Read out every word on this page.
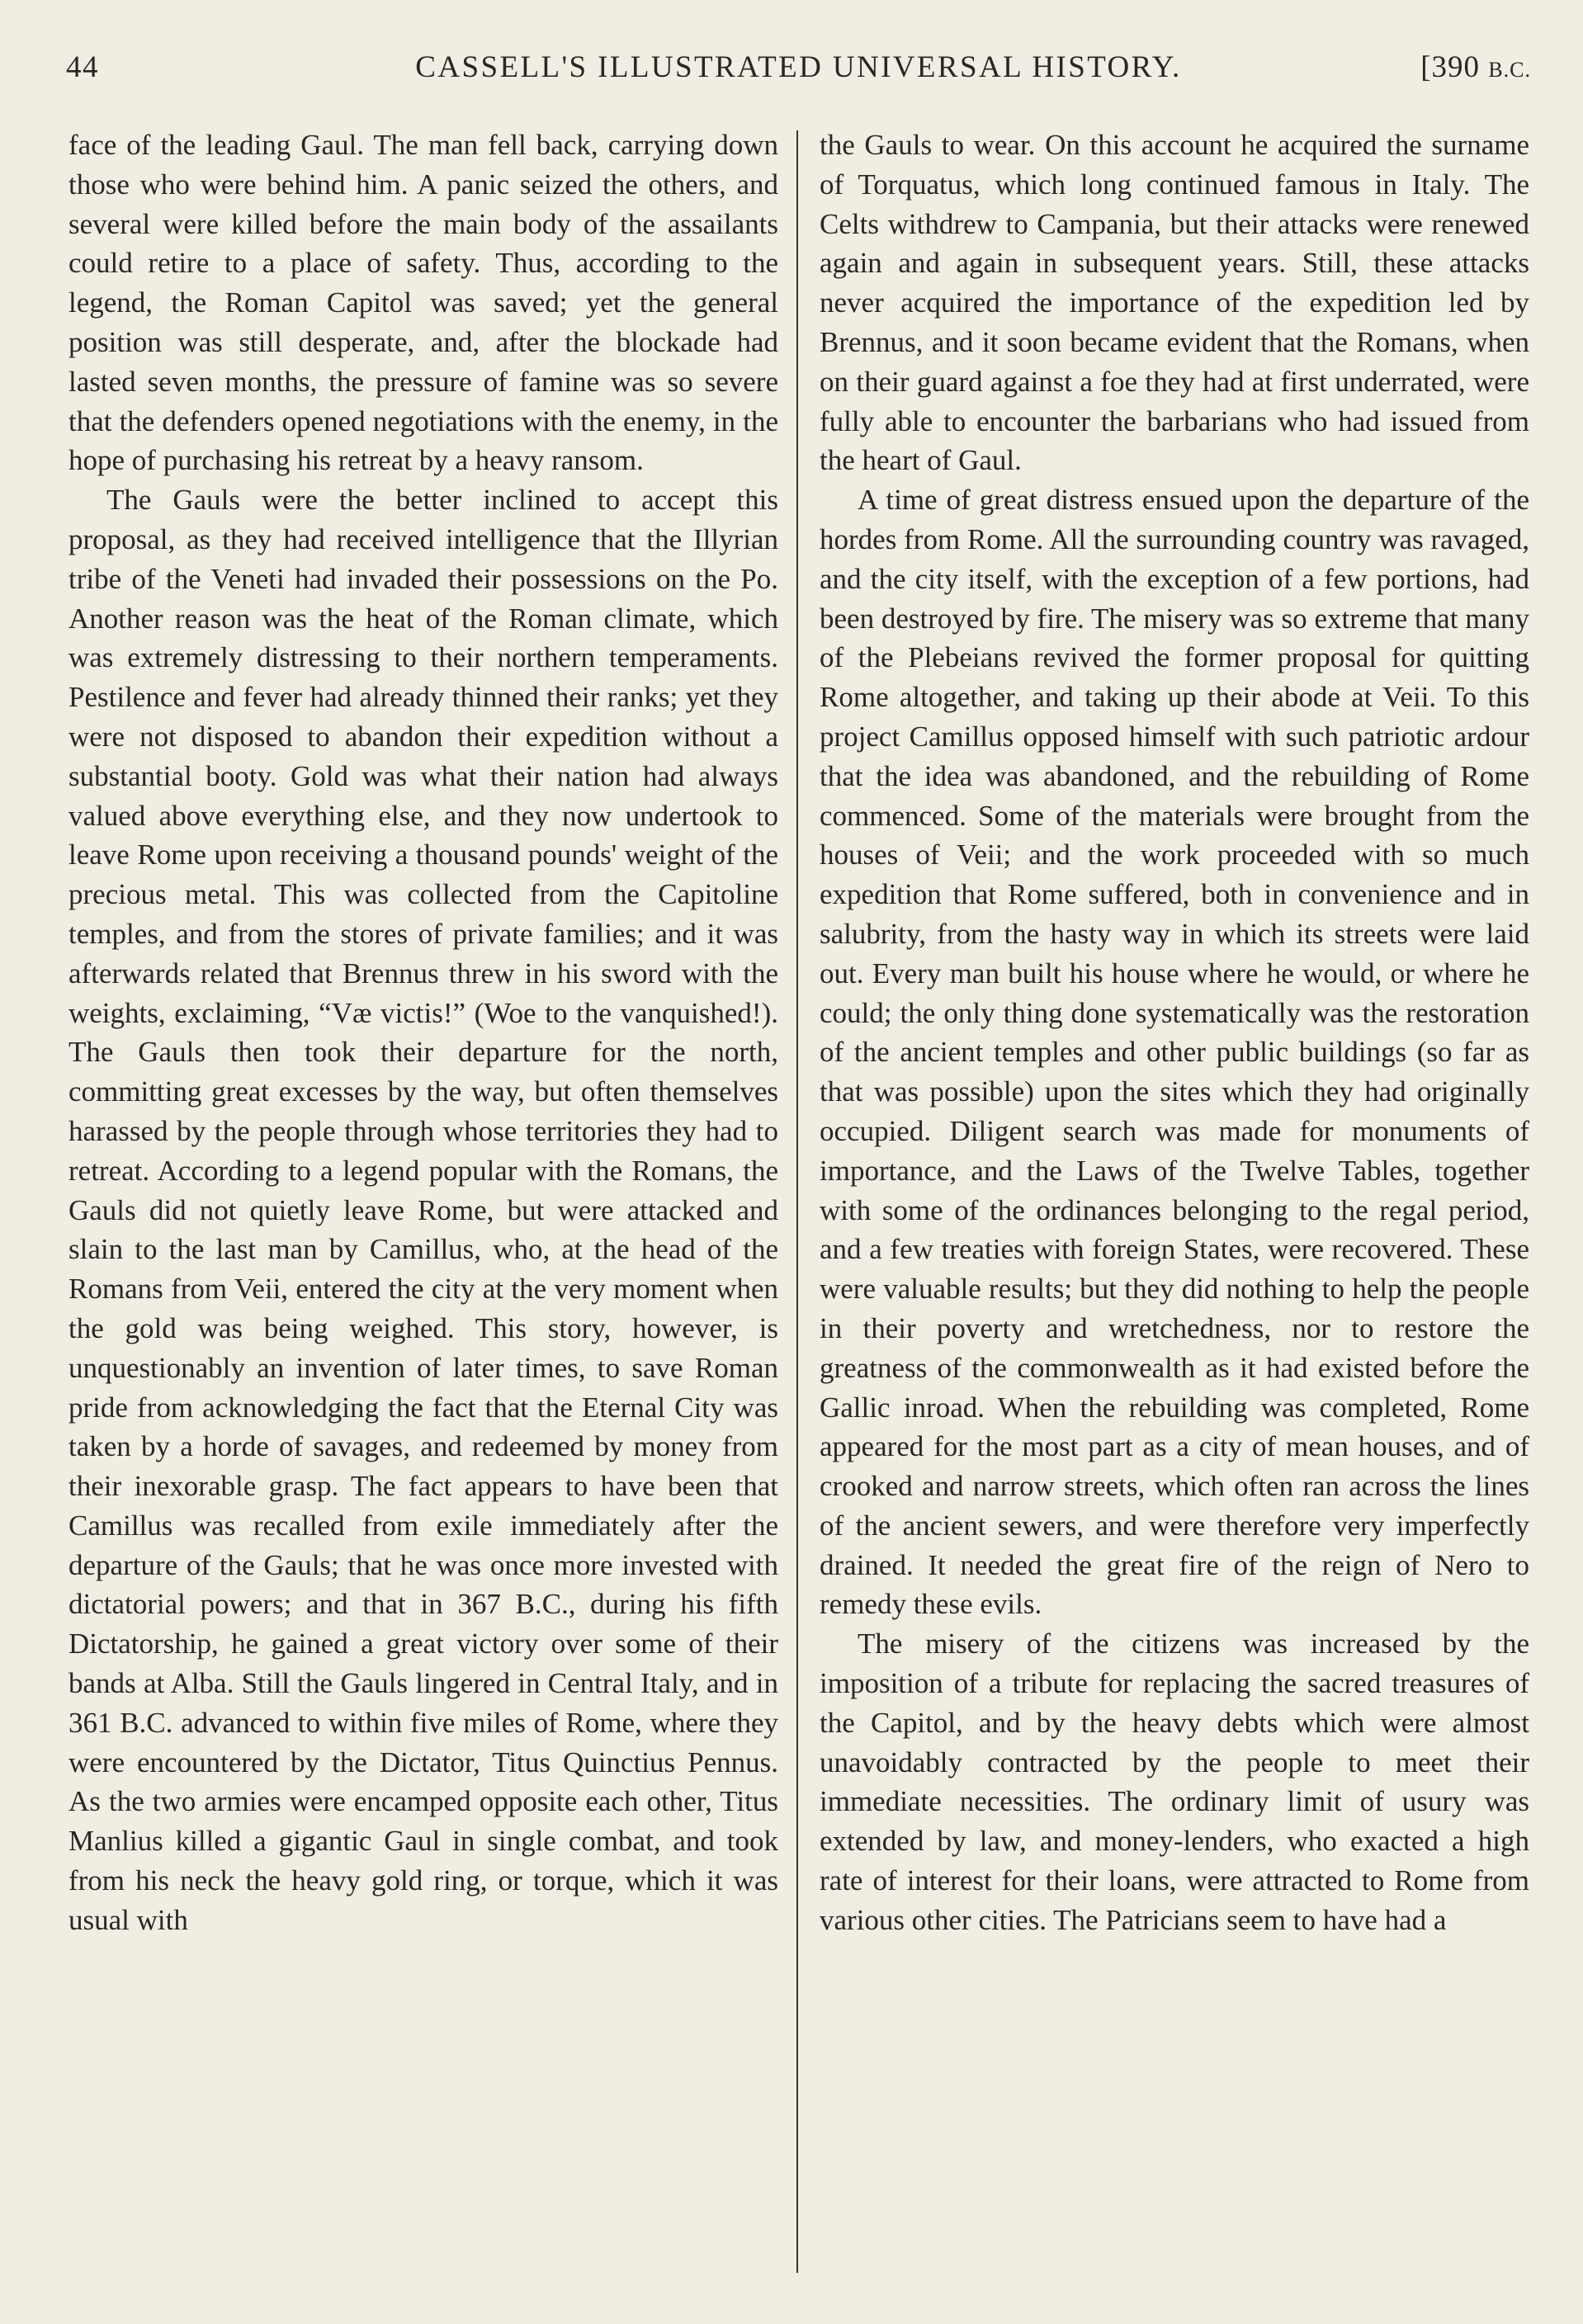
44	CASSELL'S ILLUSTRATED UNIVERSAL HISTORY.	[390 B.C.

face of the leading Gaul. The man fell back, carrying down those who were behind him. A panic seized the others, and several were killed before the main body of the assailants could retire to a place of safety. Thus, according to the legend, the Roman Capitol was saved; yet the general position was still desperate, and, after the blockade had lasted seven months, the pressure of famine was so severe that the defenders opened negotiations with the enemy, in the hope of purchasing his retreat by a heavy ransom.

The Gauls were the better inclined to accept this proposal, as they had received intelligence that the Illyrian tribe of the Veneti had invaded their possessions on the Po. Another reason was the heat of the Roman climate, which was extremely distressing to their northern temperaments. Pestilence and fever had already thinned their ranks; yet they were not disposed to abandon their expedition without a substantial booty. Gold was what their nation had always valued above everything else, and they now undertook to leave Rome upon receiving a thousand pounds' weight of the precious metal. This was collected from the Capitoline temples, and from the stores of private families; and it was afterwards related that Brennus threw in his sword with the weights, exclaiming, “Væ victis!” (Woe to the vanquished!). The Gauls then took their departure for the north, committing great excesses by the way, but often themselves harassed by the people through whose territories they had to retreat. According to a legend popular with the Romans, the Gauls did not quietly leave Rome, but were attacked and slain to the last man by Camillus, who, at the head of the Romans from Veii, entered the city at the very moment when the gold was being weighed. This story, however, is unquestionably an invention of later times, to save Roman pride from acknowledging the fact that the Eternal City was taken by a horde of savages, and redeemed by money from their inexorable grasp. The fact appears to have been that Camillus was recalled from exile immediately after the departure of the Gauls; that he was once more invested with dictatorial powers; and that in 367 B.C., during his fifth Dictatorship, he gained a great victory over some of their bands at Alba. Still the Gauls lingered in Central Italy, and in 361 B.C. advanced to within five miles of Rome, where they were encountered by the Dictator, Titus Quinctius Pennus. As the two armies were encamped opposite each other, Titus Manlius killed a gigantic Gaul in single combat, and took from his neck the heavy gold ring, or torque, which it was usual with

the Gauls to wear. On this account he acquired the surname of Torquatus, which long continued famous in Italy. The Celts withdrew to Campania, but their attacks were renewed again and again in subsequent years. Still, these attacks never acquired the importance of the expedition led by Brennus, and it soon became evident that the Romans, when on their guard against a foe they had at first underrated, were fully able to encounter the barbarians who had issued from the heart of Gaul.

A time of great distress ensued upon the departure of the hordes from Rome. All the surrounding country was ravaged, and the city itself, with the exception of a few portions, had been destroyed by fire. The misery was so extreme that many of the Plebeians revived the former proposal for quitting Rome altogether, and taking up their abode at Veii. To this project Camillus opposed himself with such patriotic ardour that the idea was abandoned, and the rebuilding of Rome commenced. Some of the materials were brought from the houses of Veii; and the work proceeded with so much expedition that Rome suffered, both in convenience and in salubrity, from the hasty way in which its streets were laid out. Every man built his house where he would, or where he could; the only thing done systematically was the restoration of the ancient temples and other public buildings (so far as that was possible) upon the sites which they had originally occupied. Diligent search was made for monuments of importance, and the Laws of the Twelve Tables, together with some of the ordinances belonging to the regal period, and a few treaties with foreign States, were recovered. These were valuable results; but they did nothing to help the people in their poverty and wretchedness, nor to restore the greatness of the commonwealth as it had existed before the Gallic inroad. When the rebuilding was completed, Rome appeared for the most part as a city of mean houses, and of crooked and narrow streets, which often ran across the lines of the ancient sewers, and were therefore very imperfectly drained. It needed the great fire of the reign of Nero to remedy these evils.

The misery of the citizens was increased by the imposition of a tribute for replacing the sacred treasures of the Capitol, and by the heavy debts which were almost unavoidably contracted by the people to meet their immediate necessities. The ordinary limit of usury was extended by law, and money-lenders, who exacted a high rate of interest for their loans, were attracted to Rome from various other cities. The Patricians seem to have had a
